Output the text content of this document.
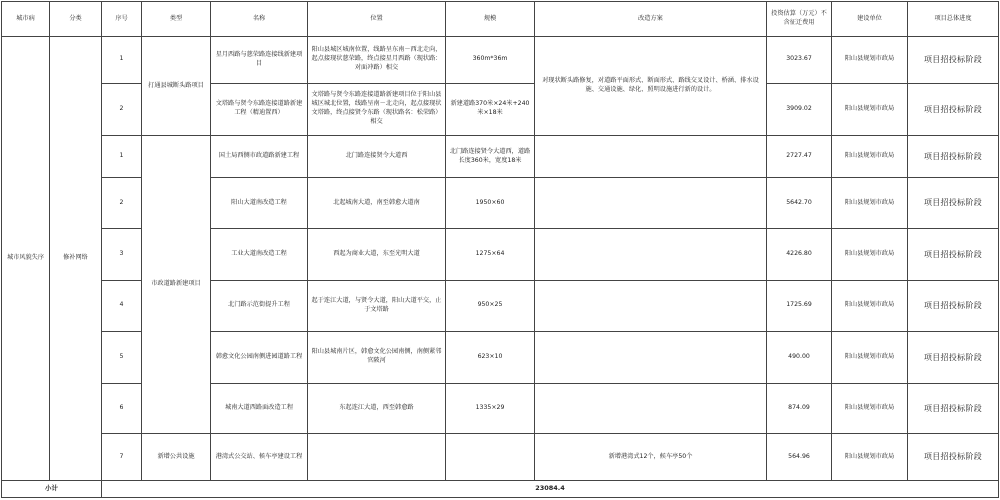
城市病	分类	序号	类型	名称	位置	规模	改造方案	投资估算（万元）不含征迁费用	建设单位	项目总体进度
城市风貌失序	修补网络	1	打通县城断头路项目	星月西路与慈荣路连接线新建项目	阳山县城区城南位置，线路呈东南－西北走向，起点接现状慈荣路，终点接星月西路（现状路：对面冲路）相交	360m*36m	对现状断头路修复，对道路平面形式、断面形式、路线交叉设计、桥涵、排水设施、交通设施、绿化、照明设施进行新的设计。	3023.67	阳山县规划市政局	项目招投标阶段
		2		文塔路与贤令东路连接道路新建工程（精迪置西）	文塔路与贤令东路连接道路新建项目位于阳山县城区城北位置，线路呈南－北走向，起点接现状文塔路，终点接贤令东路（现状路名：松荣路）相交	新建道路370米×24米+240米×18米		3909.02	阳山县规划市政局	项目招投标阶段
		1	市政道路新建项目	国土局西侧市政道路新建工程	北门路连接贤令大道西	北门路连接贤令大道西，道路长度360米，宽度18米		2727.47	阳山县规划市政局	项目招投标阶段
		2		阳山大道南改造工程	北起城南大道，南至韩愈大道南	1950×60		5642.70	阳山县规划市政局	项目招投标阶段
		3		工业大道南改造工程	西起为商业大道，东至光明大道	1275×64		4226.80	阳山县规划市政局	项目招投标阶段
		4		北门路示范街提升工程	起于连江大道，与贤令大道，阳山大道平交，止于文塔路	950×25		1725.69	阳山县规划市政局	项目招投标阶段
		5		韩愈文化公园南侧进园道路工程	阳山县城南片区，韩愈文化公园南侧，南侧紧邻官陂河	623×10		490.00	阳山县规划市政局	项目招投标阶段
		6		城南大道西路面改造工程	东起连江大道，西至韩愈路	1335×29		874.09	阳山县规划市政局	项目招投标阶段
		7	新增公共设施	港湾式公交站、候车亭建设工程			新增港湾式12个，候车亭50个	564.96	阳山县规划市政局	项目招投标阶段
小计		23084.4								
